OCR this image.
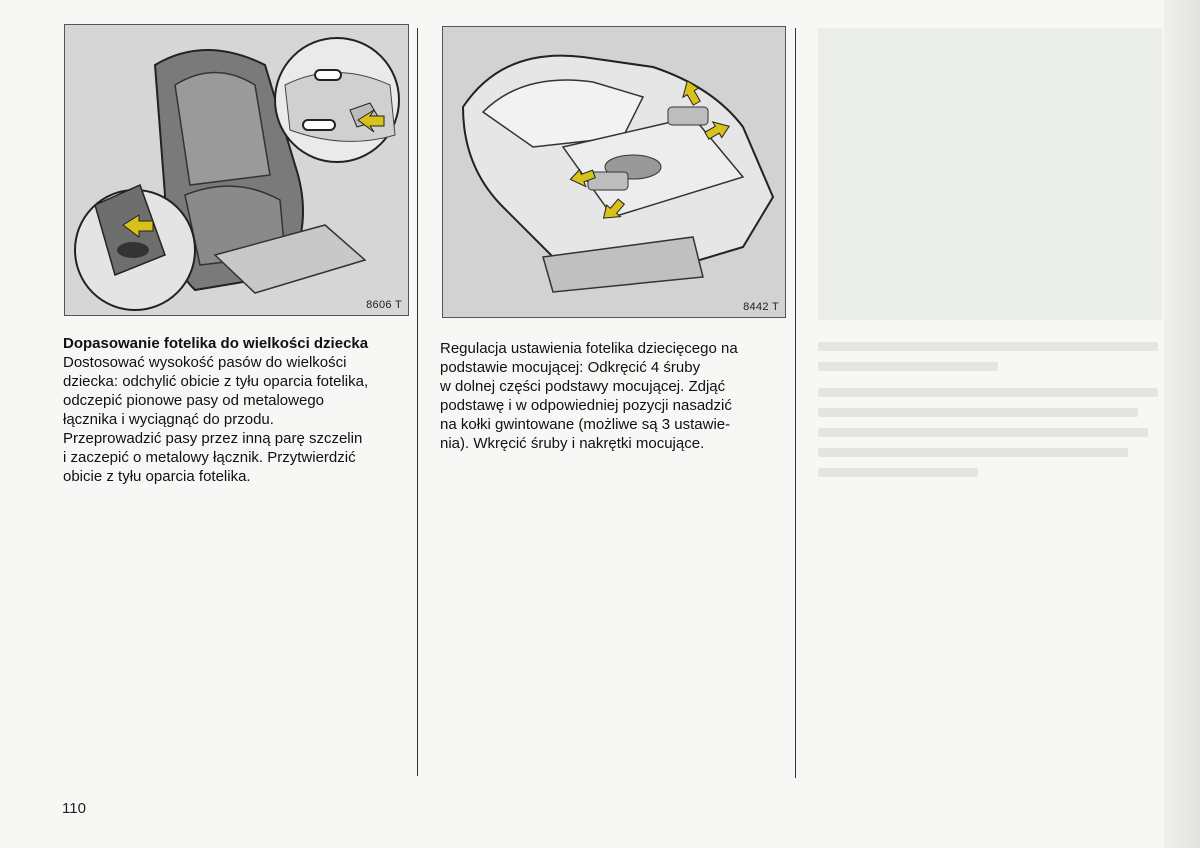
8606 T	8442 T

Dopasowanie fotelika do wielkości dziecka

Dostosować wysokość pasów do wielkości

dziecka: odchylić obicie z tyłu oparcia fotelika,

odczepić pionowe pasy od metalowego

łącznika i wyciągnąć do przodu.

Przeprowadzić pasy przez inną parę szczelin

i zaczepić o metalowy łącznik. Przytwierdzić

obicie z tyłu oparcia fotelika.

Regulacja ustawienia fotelika dziecięcego na

podstawie mocującej: Odkręcić 4 śruby

w dolnej części podstawy mocującej. Zdjąć

podstawę i w odpowiedniej pozycji nasadzić

na kołki gwintowane (możliwe są 3 ustawie-

nia). Wkręcić śruby i nakrętki mocujące.

110
